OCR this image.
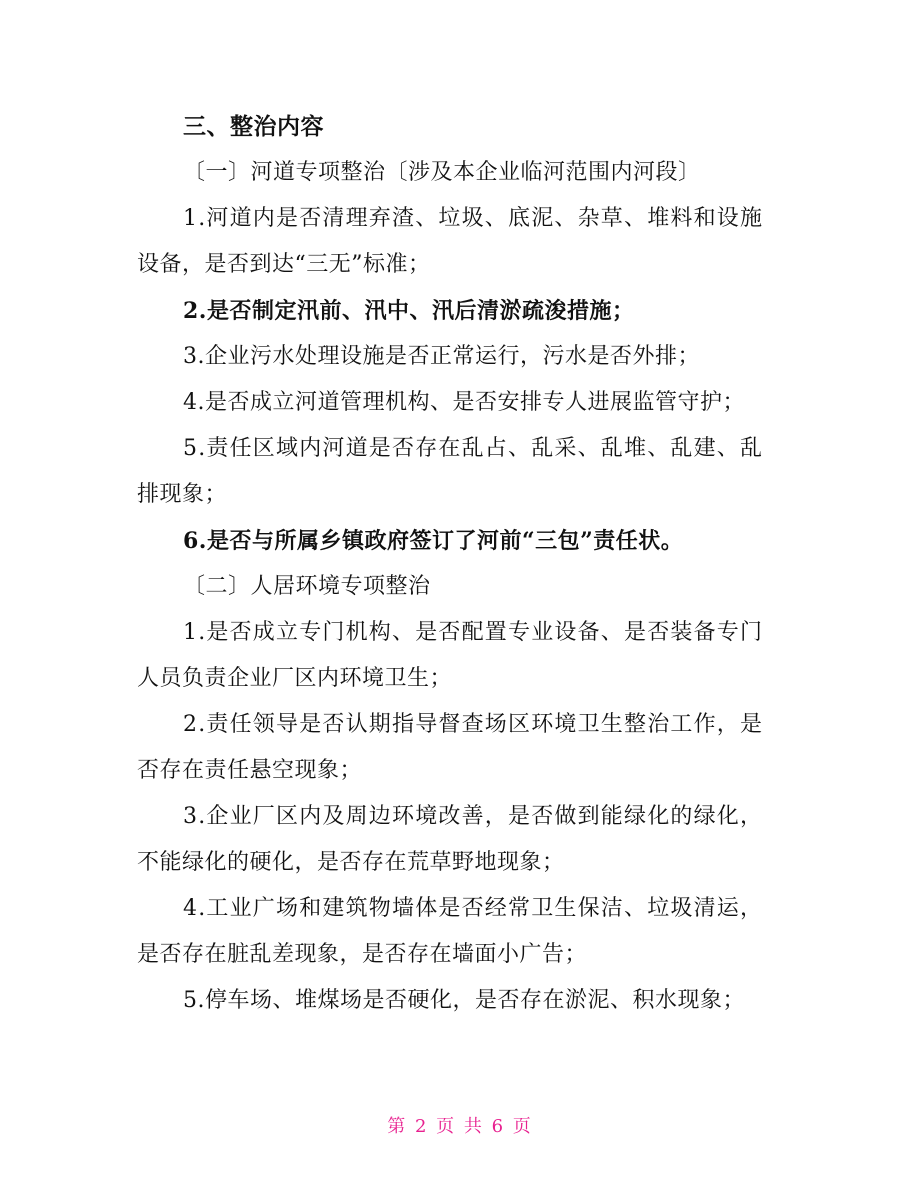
三、整治内容
〔一〕河道专项整治〔涉及本企业临河范围内河段〕
1.河道内是否清理弃渣、垃圾、底泥、杂草、堆料和设施
设备，是否到达“三无”标准；
2.是否制定汛前、汛中、汛后清淤疏浚措施；
3.企业污水处理设施是否正常运行，污水是否外排；
4.是否成立河道管理机构、是否安排专人进展监管守护；
5.责任区域内河道是否存在乱占、乱采、乱堆、乱建、乱
排现象；
6.是否与所属乡镇政府签订了河前“三包”责任状。
〔二〕人居环境专项整治
1.是否成立专门机构、是否配置专业设备、是否装备专门
人员负责企业厂区内环境卫生；
2.责任领导是否认期指导督查场区环境卫生整治工作，是
否存在责任悬空现象；
3.企业厂区内及周边环境改善，是否做到能绿化的绿化，
不能绿化的硬化，是否存在荒草野地现象；
4.工业广场和建筑物墙体是否经常卫生保洁、垃圾清运，
是否存在脏乱差现象，是否存在墙面小广告；
5.停车场、堆煤场是否硬化，是否存在淤泥、积水现象；
第 2 页 共 6 页
